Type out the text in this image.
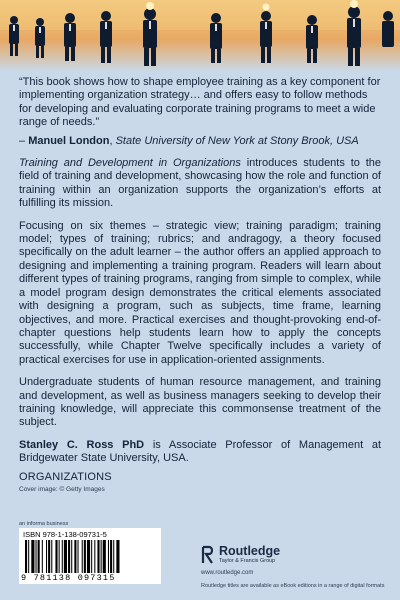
“This book shows how to shape employee training as a key component for implementing organization strategy… and offers easy to follow methods for developing and evaluating corporate training programs to meet a wide range of needs.”

– Manuel London, State University of New York at Stony Brook, USA

Training and Development in Organizations introduces students to the field of training and development, showcasing how the role and function of training within an organization supports the organization’s efforts at fulfilling its mission.

Focusing on six themes – strategic view; training paradigm; training model; types of training; rubrics; and andragogy, a theory focused specifically on the adult learner – the author offers an applied approach to designing and implementing a training program. Readers will learn about different types of training programs, ranging from simple to complex, while a model program design demonstrates the critical elements associated with designing a program, such as subjects, time frame, learning objectives, and more. Practical exercises and thought-provoking end-of-chapter questions help students learn how to apply the concepts successfully, while Chapter Twelve specifically includes a variety of practical exercises for use in application-oriented assignments.

Undergraduate students of human resource management, and training and development, as well as business managers seeking to develop their training knowledge, will appreciate this commonsense treatment of the subject.

Stanley C. Ross PhD is Associate Professor of Management at Bridgewater State University, USA.

ORGANIZATIONS
Cover image: © Getty Images
an informa business
ISBN 978-1-138-09731-5
9 781138 097315
Routledge
Taylor & Francis Group
www.routledge.com
Routledge titles are available as eBook editions in a range of digital formats
